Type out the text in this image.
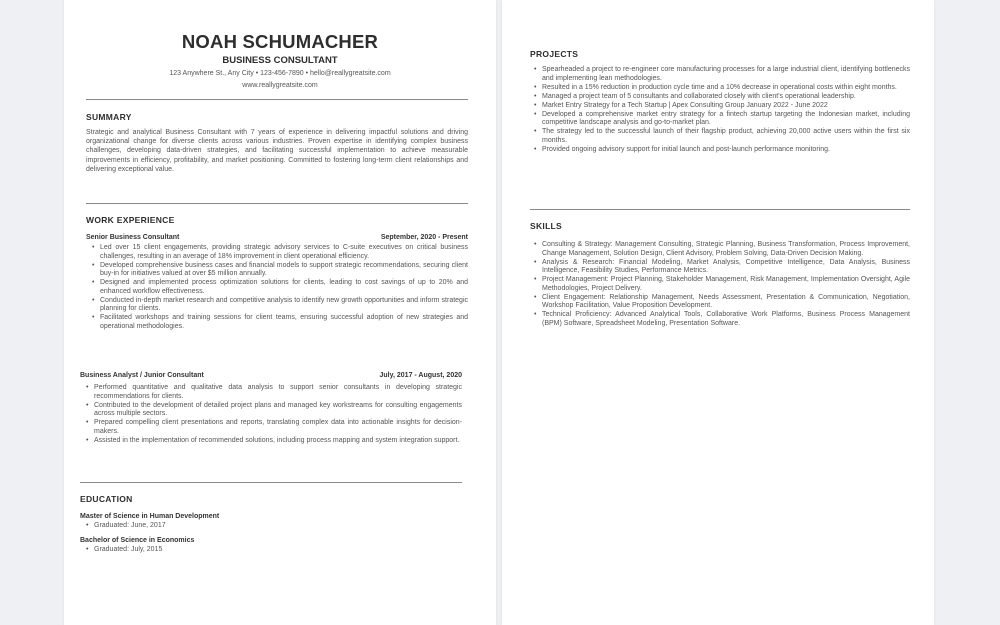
NOAH SCHUMACHER
BUSINESS CONSULTANT
123 Anywhere St., Any City • 123-456-7890 • hello@reallygreatsite.com
www.reallygreatsite.com
SUMMARY
Strategic and analytical Business Consultant with 7 years of experience in delivering impactful solutions and driving organizational change for diverse clients across various industries. Proven expertise in identifying complex business challenges, developing data-driven strategies, and facilitating successful implementation to achieve measurable improvements in efficiency, profitability, and market positioning. Committed to fostering long-term client relationships and delivering exceptional value.
WORK EXPERIENCE
Senior Business Consultant	September, 2020 - Present
• Led over 15 client engagements, providing strategic advisory services to C-suite executives on critical business challenges, resulting in an average of 18% improvement in client operational efficiency.
• Developed comprehensive business cases and financial models to support strategic recommendations, securing client buy-in for initiatives valued at over $5 million annually.
• Designed and implemented process optimization solutions for clients, leading to cost savings of up to 20% and enhanced workflow effectiveness.
• Conducted in-depth market research and competitive analysis to identify new growth opportunities and inform strategic planning for clients.
• Facilitated workshops and training sessions for client teams, ensuring successful adoption of new strategies and operational methodologies.
Business Analyst / Junior Consultant	July, 2017 - August, 2020
• Performed quantitative and qualitative data analysis to support senior consultants in developing strategic recommendations for clients.
• Contributed to the development of detailed project plans and managed key workstreams for consulting engagements across multiple sectors.
• Prepared compelling client presentations and reports, translating complex data into actionable insights for decision-makers.
• Assisted in the implementation of recommended solutions, including process mapping and system integration support.
EDUCATION
Master of Science in Human Development
• Graduated: June, 2017
Bachelor of Science in Economics
• Graduated: July, 2015
PROJECTS
• Spearheaded a project to re-engineer core manufacturing processes for a large industrial client, identifying bottlenecks and implementing lean methodologies.
• Resulted in a 15% reduction in production cycle time and a 10% decrease in operational costs within eight months.
• Managed a project team of 5 consultants and collaborated closely with client's operational leadership.
• Market Entry Strategy for a Tech Startup | Apex Consulting Group January 2022 - June 2022
• Developed a comprehensive market entry strategy for a fintech startup targeting the Indonesian market, including competitive landscape analysis and go-to-market plan.
• The strategy led to the successful launch of their flagship product, achieving 20,000 active users within the first six months.
• Provided ongoing advisory support for initial launch and post-launch performance monitoring.
SKILLS
• Consulting & Strategy: Management Consulting, Strategic Planning, Business Transformation, Process Improvement, Change Management, Solution Design, Client Advisory, Problem Solving, Data-Driven Decision Making.
• Analysis & Research: Financial Modeling, Market Analysis, Competitive Intelligence, Data Analysis, Business Intelligence, Feasibility Studies, Performance Metrics.
• Project Management: Project Planning, Stakeholder Management, Risk Management, Implementation Oversight, Agile Methodologies, Project Delivery.
• Client Engagement: Relationship Management, Needs Assessment, Presentation & Communication, Negotiation, Workshop Facilitation, Value Proposition Development.
• Technical Proficiency: Advanced Analytical Tools, Collaborative Work Platforms, Business Process Management (BPM) Software, Spreadsheet Modeling, Presentation Software.
